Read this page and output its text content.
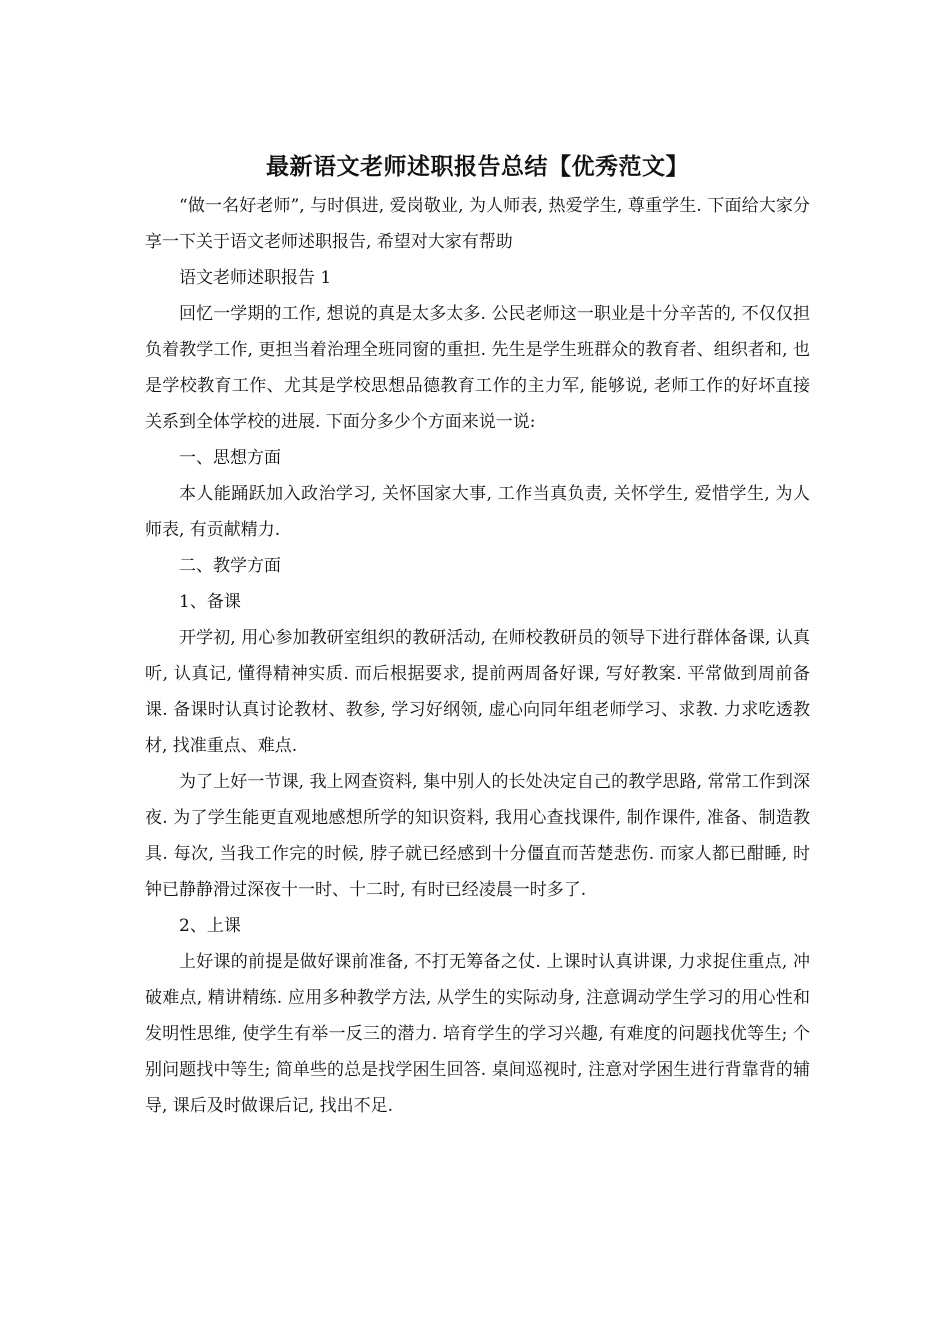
最新语文老师述职报告总结【优秀范文】

“做一名好老师”, 与时俱进, 爱岗敬业, 为人师表, 热爱学生, 尊重学生. 下面给大家分享一下关于语文老师述职报告, 希望对大家有帮助

语文老师述职报告 1

回忆一学期的工作, 想说的真是太多太多. 公民老师这一职业是十分辛苦的, 不仅仅担负着教学工作, 更担当着治理全班同窗的重担. 先生是学生班群众的教育者、组织者和, 也是学校教育工作、尤其是学校思想品德教育工作的主力军, 能够说, 老师工作的好坏直接关系到全体学校的进展. 下面分多少个方面来说一说:

一、思想方面

本人能踊跃加入政治学习, 关怀国家大事, 工作当真负责, 关怀学生, 爱惜学生, 为人师表, 有贡献精力.

二、教学方面

1、备课

开学初, 用心参加教研室组织的教研活动, 在师校教研员的领导下进行群体备课, 认真听, 认真记, 懂得精神实质. 而后根据要求, 提前两周备好课, 写好教案. 平常做到周前备课. 备课时认真讨论教材、教参, 学习好纲领, 虚心向同年组老师学习、求教. 力求吃透教材, 找准重点、难点.

为了上好一节课, 我上网查资料, 集中别人的长处决定自己的教学思路, 常常工作到深夜. 为了学生能更直观地感想所学的知识资料, 我用心查找课件, 制作课件, 准备、制造教具. 每次, 当我工作完的时候, 脖子就已经感到十分僵直而苦楚悲伤. 而家人都已酣睡, 时钟已静静滑过深夜十一时、十二时, 有时已经凌晨一时多了.

2、上课

上好课的前提是做好课前准备, 不打无筹备之仗. 上课时认真讲课, 力求捉住重点, 冲破难点, 精讲精练. 应用多种教学方法, 从学生的实际动身, 注意调动学生学习的用心性和发明性思维, 使学生有举一反三的潜力. 培育学生的学习兴趣, 有难度的问题找优等生; 个别问题找中等生; 简单些的总是找学困生回答. 桌间巡视时, 注意对学困生进行背靠背的辅导, 课后及时做课后记, 找出不足.
